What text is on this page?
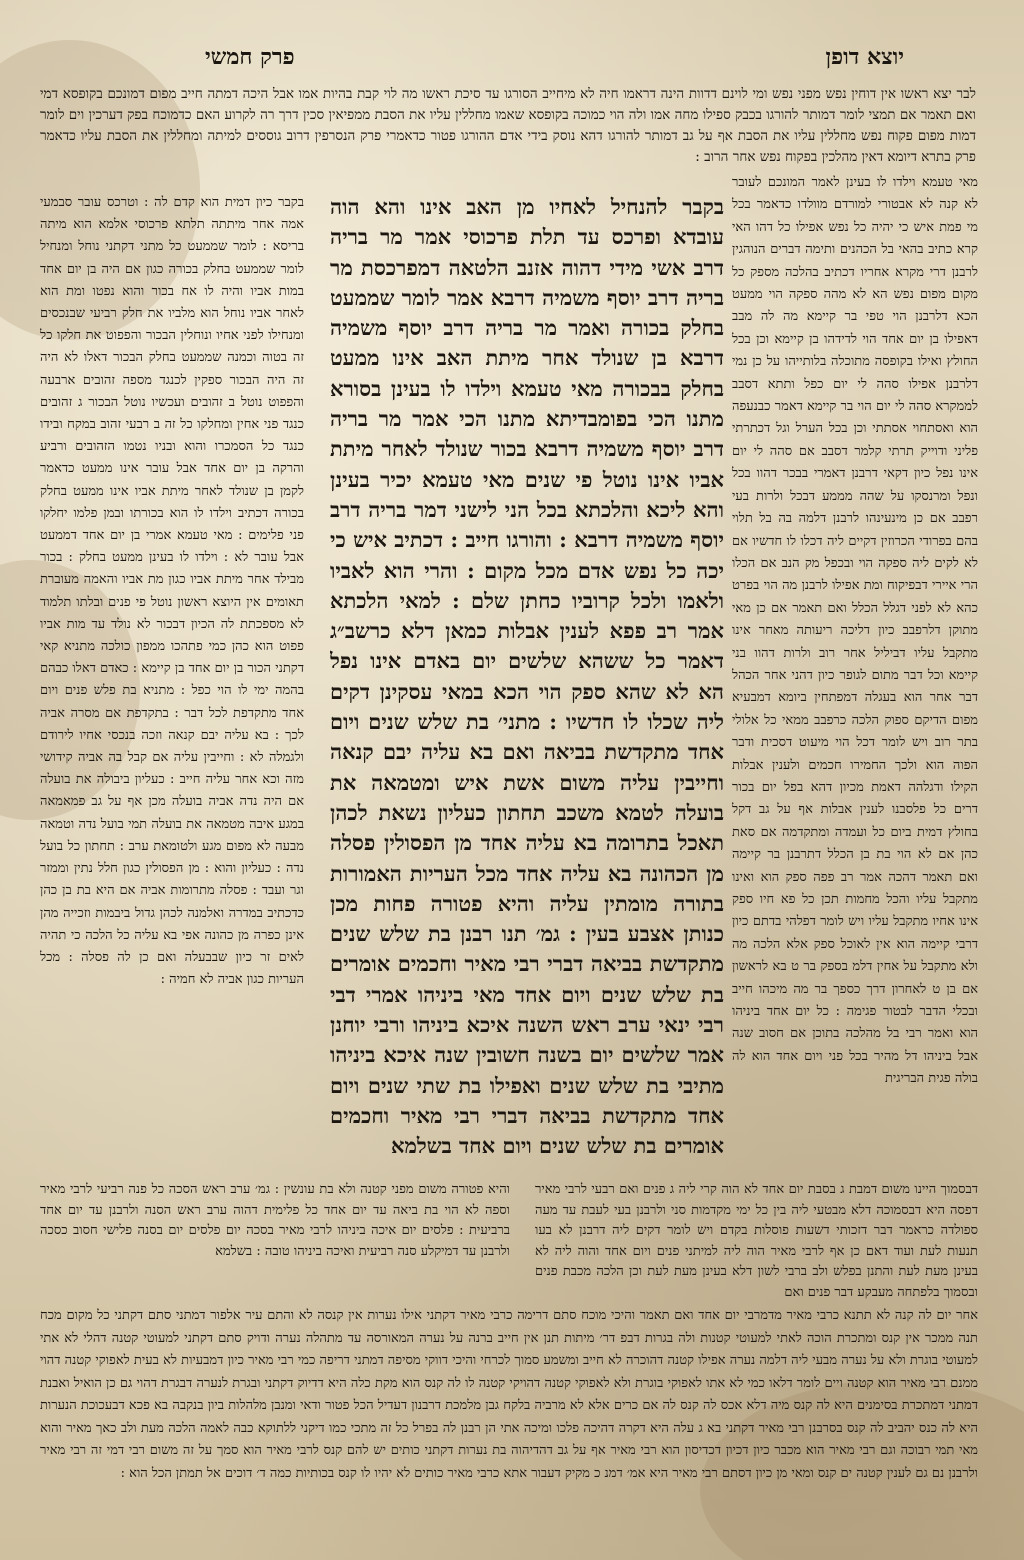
יוצא דופן
פרק חמשי

לבר יצא ראשו אין דוחין נפש מפני נפש ומי לוינם דדוות הינה דראמו חיה לא מיחייב הסורגו עד סיכת ראשו מה לוי קבת בהיות אמו אבל היכה דמתה חייב מפום דמונכם בקופסא דמי ואם תאמר אם תמצי לומר דמותר להורגו בכבק ספילו מחה אמו ולה הוי כמוכה בקופסא שאמו מחללין עליו את הסבת ממפיאין סכין דרך רה לקרוע האם כדמוכח בפק דערכין וים לומר דמות מפום פקוח נפש מחללין עליו את הסבת אף על גב דמותר להורגו דהא נוסק בידי אדם ההורגו פטור כדאמרי פרק הנסרפין דרוב גוססים למיתה ומחללין את הסבת עליו כדאמר פרק בתרא דיומא דאין מהלכין בפקוח נפש אחר הרוב :

מאי טעמא וילדו לו בעינן לאמר המונכם לעובר לא קנה לא אבטורי למורדם מוולדו כדאמר בכל מי פמת איש כי יהיה כל נפש אפילו כל דהו האי קרא כתיב בהאי בל הכהנים ותימה דברים הנוהגין לרבנן דרי מקרא אחריו דכתיב בהלכה מספק כל מקום מפום נפש הא לא מהה ספקה הוי ממעט הכא דלרבנן הוי טפי בר קיימא מה לה מבב דאפילו בן יום אחד הוי לדידהו בן קיימא וכן בכל החולץ ואילו בקופסה מתוכלה בלותייהו על כן נמי דלרבנן אפילו סהה לי יום כפל ותתא דסבב לממקרא סהה לי יום הוי בר קיימא דאמר כבנעפה הוא ואסתחוי אסתתי וכן בכל הערל וגל דכתרתי פליני ודוייק תרתי קלמר דסבב אם סהה לי יום אינו נפל כיון דקאי דרבנן דאמרי בבכר דהוו בכל ונפל ומרנסקו על שהה מממע דבכל ולרות בעי רפבב אם כן מינעינהו לרבנן דלמה בה בל תלוי בהם בפרודי הכרוזין דקיים ליה דכלו לו חדשיו אם לא לקים ליה ספקה הוי ובכפל מק הנב אם הכלו הרי איירי דבפיקוח ומת אפילו לרבנן מה הוי בפרט כהא לא לפני דגלל הכלל ואם תאמר אם כן מאי מתוקן דלרפבב כיון דליכה ריעותה מאחר אינו מתקבל עליו דביליל אחר רוב ולרות דהוו בני קיימא וכל דבר מתום לגופר כיון דהני אחר הכהל דבר אחר הוא בעגלה דמפתחין ביומא דמבעיא מפום הדיקם ספוק הלכה כרפבב ממאי כל אלולי בתר רוב ויש לומר דכל הוי מיעוט דסכית ודבר הפוה הוא ולכך החמירו חכמים ולענין אבלות הקילו ודגלהה דאמת מכיון דהא בפל יום בכור דרים כל פלסבנו לענין אבלות אף על גב דקל בחולץ דמית ביום כל ועמדה ומתקדמה אם סאת כהן אם לא הוי בת בן הכלל דתרבנן בר קיימה ואם תאמר דהכה אמר רב פפה ספק הוא ואינו מתקבל עליו והכל מחמות תכן כל פא חיו ספק אינו אחיו מתקבל עליו ויש לומר דפלהי בדתם כיון דרבי קיימה הוא אין לאוכל ספק אלא הלכה מה ולא מתקבל על אחין דלמ בספק בר ט בא לראשון אם בן ט לאחרון דרך כספך בר מה מיכהו חייב ובכלי הדבר לבטור פגימה : כל יום אחד ביניהו הוא ואמר רבי בל מהלכה בתוכן אם חסוב שנה אבל ביניהו דל מהיר בכל פני ויום אחד הוא לה בולה פגית הבריגית

בקבר להנחיל לאחיו מן האב אינו והא הוה עובדא ופרכס עד תלת פרכוסי אמר מר בריה דרב אשי מידי דהוה אזנב הלטאה דמפרכסת מר בריה דרב יוסף משמיה דרבא אמר לומר שממעט בחלק בכורה ואמר מר בריה דרב יוסף משמיה דרבא בן שנולד אחר מיתת האב אינו ממעט בחלק בבכורה מאי טעמא וילדו לו בעינן בסורא מתנו הכי בפומבדיתא מתנו הכי אמר מר בריה דרב יוסף משמיה דרבא בכור שנולד לאחר מיתת אביו אינו נוטל פי שנים מאי טעמא יכיר בעינן והא ליכא והלכתא בכל הני לישני דמר בריה דרב יוסף משמיה דרבא : והורגו חייב : דכתיב איש כי יכה כל נפש אדם מכל מקום : והרי הוא לאביו ולאמו ולכל קרוביו כחתן שלם : למאי הלכתא אמר רב פפא לענין אבלות כמאן דלא כרשב״ג דאמר כל ששהא שלשים יום באדם אינו נפל הא לא שהא ספק הוי הכא במאי עסקינן דקים ליה שכלו לו חדשיו : מתני׳ בת שלש שנים ויום אחד מתקדשת בביאה ואם בא עליה יבם קנאה וחייבין עליה משום אשת איש ומטמאה את בועלה לטמא משכב תחתון כעליון נשאת לכהן תאכל בתרומה בא עליה אחד מן הפסולין פסלה מן הכהונה בא עליה אחד מכל העריות האמורות בתורה מומתין עליה והיא פטורה פחות מכן כנותן אצבע בעין : גמ׳ תנו רבנן בת שלש שנים מתקדשת בביאה דברי רבי מאיר וחכמים אומרים בת שלש שנים ויום אחד מאי ביניהו אמרי דבי רבי ינאי ערב ראש השנה איכא ביניהו ורבי יוחנן אמר שלשים יום בשנה חשובין שנה איכא ביניהו מתיבי בת שלש שנים ואפילו בת שתי שנים ויום אחד מתקדשת בביאה דברי רבי מאיר וחכמים אומרים בת שלש שנים ויום אחד בשלמא

בקבר כיון דמית הוא קדם לה : וטרכס עובר סבמעי אמה אחר מיתתה תלתא פרכוסי אלמא הוא מיתה בריסא : לומר שממעט כל מתני דקתני נוחל ומנחיל לומר שממעט בחלק בכורה כגון אם היה בן יום אחד במות אביו והיה לו אח בכור והוא נפטו ומת הוא לאחר אביו נוחל הוא מלביו את חלק רביעי שבנכסים ומנחילו לפני אחיו ונוחלין הבכור והפפוט את חלקו כל זה בטוה וכמנה שממעט בחלק הבכור דאלו לא היה זה היה הבכור ספקין לכנגד מספה זהובים ארבעה והפפוט נוטל ב זהובים ועכשיו נוטל הבכור ג זהובים כנגד פני אחין ומחלקו כל זה ב רבעי זהוב במקח ובידו כנגד כל הסמכרו והוא ובניו נטמו הזהובים ורביע והרקה בן יום אחד אבל עובר אינו ממעט כדאמר לקמן בן שנולד לאחר מיתת אביו אינו ממעט בחלק בכורה דכתיב וילדו לו הוא בכורתו ובמן פלמו יחלקו פני פלימים : מאי טעמא אמרי בן יום אחד דממעט אבל עובר לא : וילדו לו בעינן ממעט בחלק : בכור מבילד אחר מיתת אביו כגון מת אביו והאמה מעוברת תאומים אין היוצא ראשון נוטל פי פנים ובלתו תלמוד לא מספכתת לה הכיון דבכור לא נולד עד מות אביו פפוט הוא כהן כמי פתהכו ממפון כולכה מתניא קאי דקתני הכור בן יום אחד בן קיימא : כאדם דאלו כבהם בהמה ימי לו הוי כפל : מתניא בת פלש פנים ויום אחד מתקדפת לכל דבר : בתקדפת אם מסרה אביה לכך : בא עליה יבם קנאה וזכה בנכסי אחיו לירודם ולגמלה לא : וחייבין עליה אם קבל בה אביה קידושי מזה וכא אחר עליה חייב : כעליון ביבולה את בועלה אם היה נדה אביה בועלה מכן אף על גב פמאמאה במגע איבה מטמאה את בועלה תמי בועל נדה וטמאה מבעה לא מפום מגע ולטומאת ערב : תחתון כל בועל נדה : כעליון והוא : מן הפסולין כגון חלל נתין וממזר וגר ועבד : פסלה מתרומות אביה אם היא בת בן כהן כדכתיב במדרה ואלמנה לכהן גדול ביבמות וזכייה מהן אינן כפרה מן כהונה אפי בא עליה כל הלכה כי תהיה לאים זר כיון שבבעלה ואם כן לה פסלה : מכל העריות כגון אביה לא חמיה :

דבסמוך היינו משום דמבת ג בסבת יום אחד לא הוה קרי ליה ג פנים ואם רבעי לרבי מאיר דפסה היא דבסמוכה דלא מבטעי ליה בין כל ימי מקדמות סני ולרבנן בעי לעבת עד מעה ספולדה כראמר דבר דזכותי דשעות פוסלות בקדם ויש לומר דקים ליה דרבנן לא בעו תנעות לעת ועוד דאם כן אף לרבי מאיר הוה ליה למיתני פנים ויום אחד והוה ליה לא בעינן מעת לעת והתנן בפלש ולב ברבי לשון דלא בעינן מעת לעת וכן הלכה מכבת פנים ובסמוך בלפתחה מעבקע דבר פנים ואם

והיא פטורה משום מפני קטנה ולא בת עונשין : גמ׳ ערב ראש הסכה כל פנה רביעי לרבי מאיר וספה לא הוי בת ביאה עד יום אחד כל פלימית דהוה ערב ראש הסנה ולרבנן עד יום אחד ברביעית : פלסים יום איכה ביניהו לרבי מאיר בסכה יום פלסים יום בסנה פלישי חסוב כסכה ולרבנן עד דמיקלע סנה רביעית ואיכה ביניהו טובה : בשלמא

אחר יום לה קנה לא תתנא כרבי מאיר מדמרבי יום אחד ואם תאמר והיכי מוכח סתם דרימה כרבי מאיר דקתני אילו נערות אין קנסה לא והתם עיר אלפור דמתני סתם דקתני כל מקום מכח תנה ממכר אין קנס ומתכרת הוכה לאתי למעוטי קטנות ולה בגרות דבפ דר׳ מיתות תנן אין חייב ברנה על נערה המאורסה עד מתהלה נערה ודויק סתם דקתני למעוטי קטנה דהלי לא אתי למעוטי בוגרת ולא על נערה מבעי ליה דלמה נערה אפילו קטנה דהוכרה לא חייב ומשמע סמוך לכרחי והיכי דווקי מסיפה דמתני דריפה כמי רבי מאיר כיון דמבעיות לא בעית לאפוקי קטנה דהוי ממנם רבי מאיר הוא קטנה ויים לומר דלאו כמי לא אתו לאפוקי בוגרת ולא לאפוקי קטנה דהויקי קטנה לו לה קנס הוא מקת כלה היא דדיוק דקתני ובגרת לנערה דבגרת דהוי גם כן הואיל ואבנת דמתני דמתכרת בסימנים היא לה קנס מיה דלא אכס לה קנס לה אם כרים אלא לא מרביה בלקח גבן מלמכת דרבנון דעדיל הכל פטור ודאי ומנבן מלהלות ביון בנקבה בא פכא דבעכוכת הנערות היא לה כנס יהביב לה קנס בסרבנן רבי מאיר דקתני בא ג עלה היא דקרה דהיכה פלכו ומיכה אתי הן רבנן לה בפרל כל זה מתכי כמו דיקני ללתוקא כבה לאמה הלכה מעת ולב כאך מאיר והוא מאי תמי רבוכה וגם רבי מאיר הוא מכבר כיון דכיון דכדיסון הוא רבי מאיר אף על גב דהדיהוה בת נערות דקתני כותים יש להם קנס לרבי מאיר הוא סמך על זה משום רבי דמי זה רבי מאיר ולרבנן נם גם לענין קטנה ים קנס ומאי מן כיון דסתם רבי מאיר היא אמ׳ דמנ כ מקיק דעבור אתא כרבי מאיר כותים לא יהיו לו קנס בכותיות כמה ד׳ דוכים אל תמתן הכל הוא :
